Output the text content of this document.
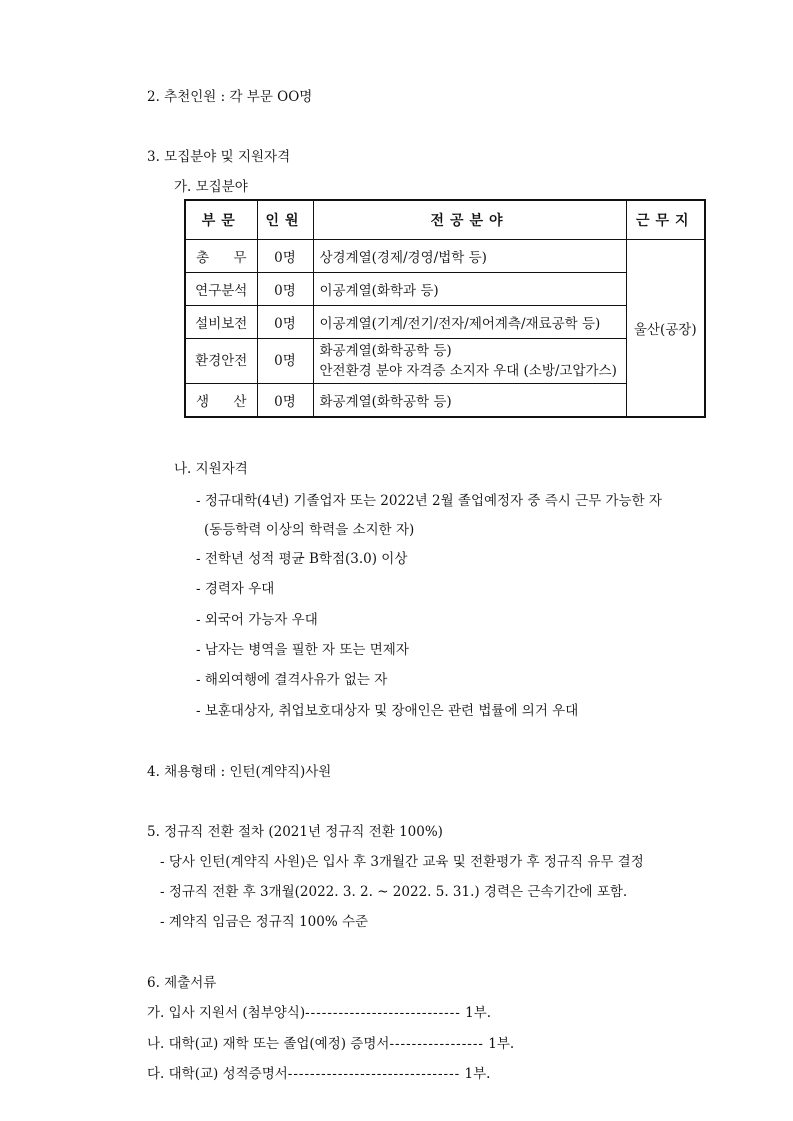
2. 추천인원 : 각 부문 OO명
3. 모집분야 및 지원자격
가. 모집분야
부문	인원	전공분야	근무지

총 무	0명	상경계열(경제/경영/법학 등)	울산(공장)
연구분석	0명	이공계열(화학과 등)	
설비보전	0명	이공계열(기계/전기/전자/제어계측/재료공학 등)	
환경안전	0명	화공계열(화학공학 등)
안전환경 분야 자격증 소지자 우대 (소방/고압가스)	

생 산	0명	화공계열(화학공학 등)	
나. 지원자격
- 정규대학(4년) 기졸업자 또는 2022년 2월 졸업예정자 중 즉시 근무 가능한 자
(동등학력 이상의 학력을 소지한 자)
- 전학년 성적 평균 B학점(3.0) 이상
- 경력자 우대
- 외국어 가능자 우대
- 남자는 병역을 필한 자 또는 면제자
- 해외여행에 결격사유가 없는 자
- 보훈대상자, 취업보호대상자 및 장애인은 관련 법률에 의거 우대
4. 채용형태 : 인턴(계약직)사원
5. 정규직 전환 절차 (2021년 정규직 전환 100%)
- 당사 인턴(계약직 사원)은 입사 후 3개월간 교육 및 전환평가 후 정규직 유무 결정
- 정규직 전환 후 3개월(2022. 3. 2. ~ 2022. 5. 31.) 경력은 근속기간에 포함.
- 계약직 임금은 정규직 100% 수준
6. 제출서류
가. 입사 지원서 (첨부양식)---------------------------- 1부.
나. 대학(교) 재학 또는 졸업(예정) 증명서----------------- 1부.
다. 대학(교) 성적증명서------------------------------- 1부.
